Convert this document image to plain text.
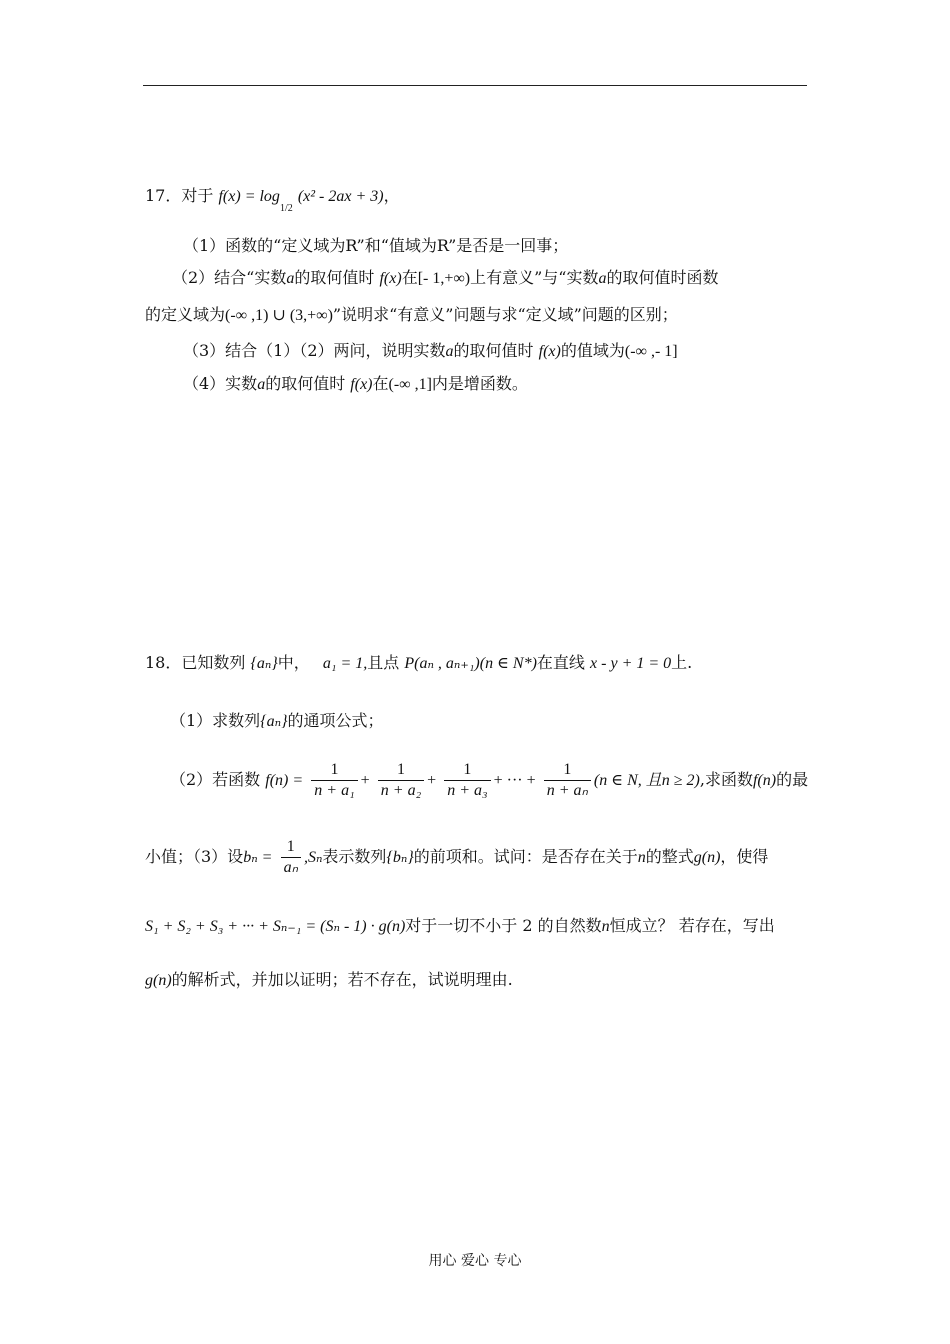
17．对于 $f(x) = \log_{1/2} (x^2 - 2ax + 3)$，
（1）函数的“定义域为R”和“值域为R”是否是一回事；
（2）结合“实数a的取何值时 f(x)在[- 1,+∞)上有意义”与“实数a的取何值时函数
的定义域为(-∞ ,1) ∪ (3,+∞)”说明求“有意义”问题与求“定义域”问题的区别；
（3）结合（1）（2）两问，说明实数a的取何值时 f(x)的值域为(-∞ ,- 1]
（4）实数a的取何值时 f(x)在(-∞ ,1]内是增函数。
18．已知数列 {aₙ}中， a₁ = 1,且点 P(aₙ , aₙ₊₁)(n ∈ N*)在直线 x - y + 1 = 0上.
（1）求数列{aₙ}的通项公式；
（2）若函数 $f(n) = \frac{1}{\text{n + a₁}} + \frac{1}{\text{n + a₂}} + \frac{1}{\text{n + a₃}}$ + ··· + $\frac{1}{\text{n + aₙ}} (n$ ∈ N, 且n ≥ 2),求函数f(n)的最
小值；（3）设$b_n = \frac{1}{\text{aₙ}} ,S_n$表示数列{bₙ}的前项和。试问：是否存在关于n的整式g(n)，使得
S₁ + S₂ + S₃ + ··· + Sₙ₋₁ = (Sₙ - 1) · g(n)对于一切不小于 2 的自然数n恒成立？ 若存在，写出
g(n)的解析式，并加以证明；若不存在，试说明理由.
用心 爱心 专心
